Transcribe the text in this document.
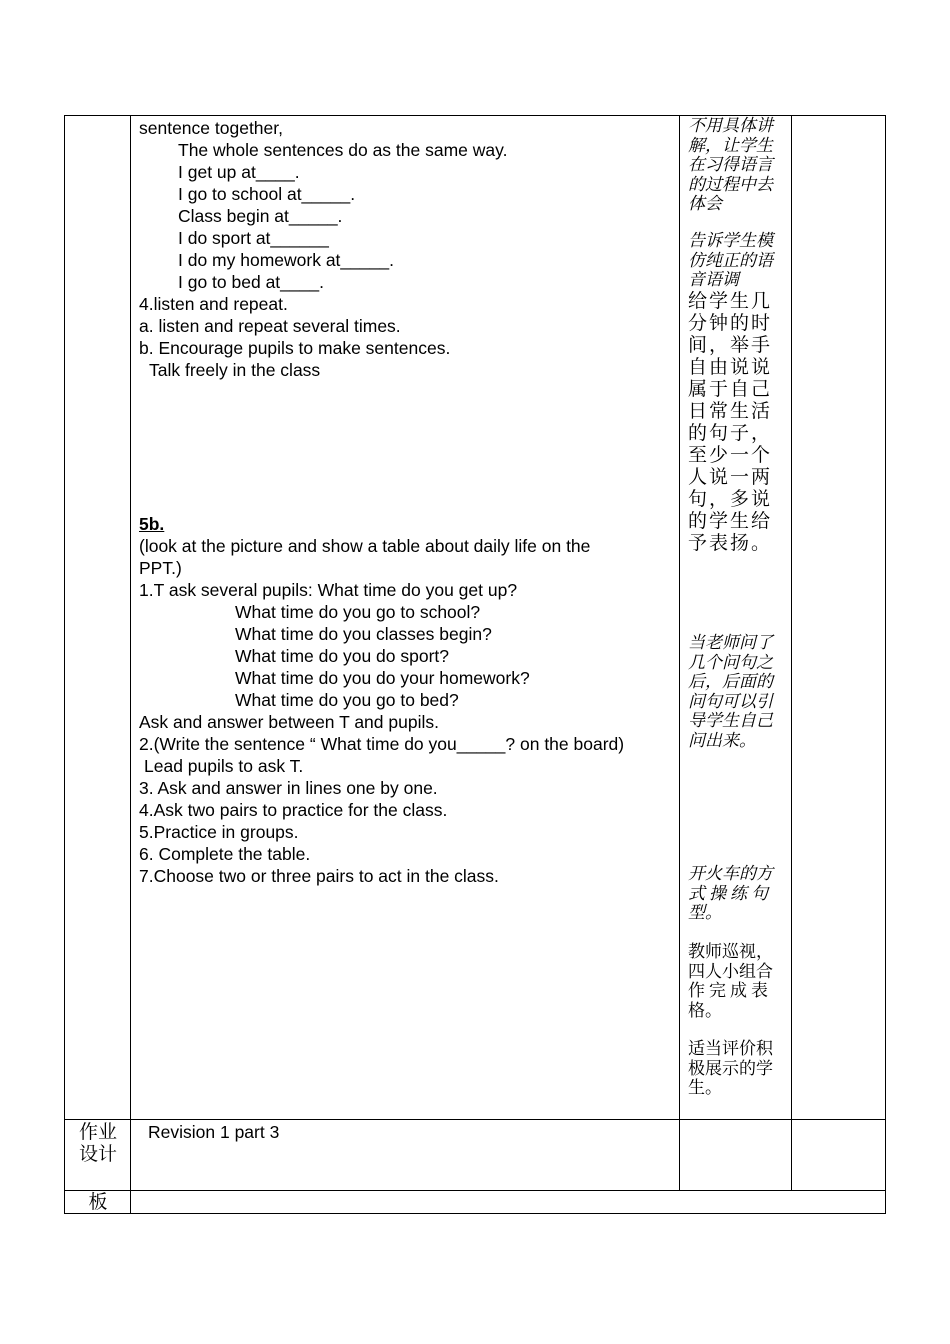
sentence together,
The whole sentences do as the same way.
I get up at____.
I go to school at_____.
Class begin at_____.
I do sport at______
I do my homework at_____.
I go to bed at____.
4.listen and repeat.
a. listen and repeat several times.
b. Encourage pupils to make sentences.
Talk freely in the class
5b.
(look at the picture and show a table about daily life on the
PPT.)
1.T ask several pupils: What time do you get up?
What time do you go to school?
What time do you classes begin?
What time do you do sport?
What time do you do your homework?
What time do you go to bed?
Ask and answer between T and pupils.
2.(Write the sentence “ What time do you_____? on the board)
Lead pupils to ask T.
3. Ask and answer in lines one by one.
4.Ask two pairs to practice for the class.
5.Practice in groups.
6. Complete the table.
7.Choose two or three pairs to act in the class.
不用具体讲
解，让学生
在习得语言
的过程中去
体会
告诉学生模
仿纯正的语
音语调
给学生几
分钟的时
间，举手
自由说说
属于自己
日常生活
的句子，
至少一个
人说一两
句，多说
的学生给
予表扬。
当老师问了
几个问句之
后，后面的
问句可以引
导学生自己
问出来。
开火车的方
式操练句
型。
教师巡视，
四人小组合
作完成表
格。
适当评价积
极展示的学
生。
作业
设计
Revision 1 part 3
板
